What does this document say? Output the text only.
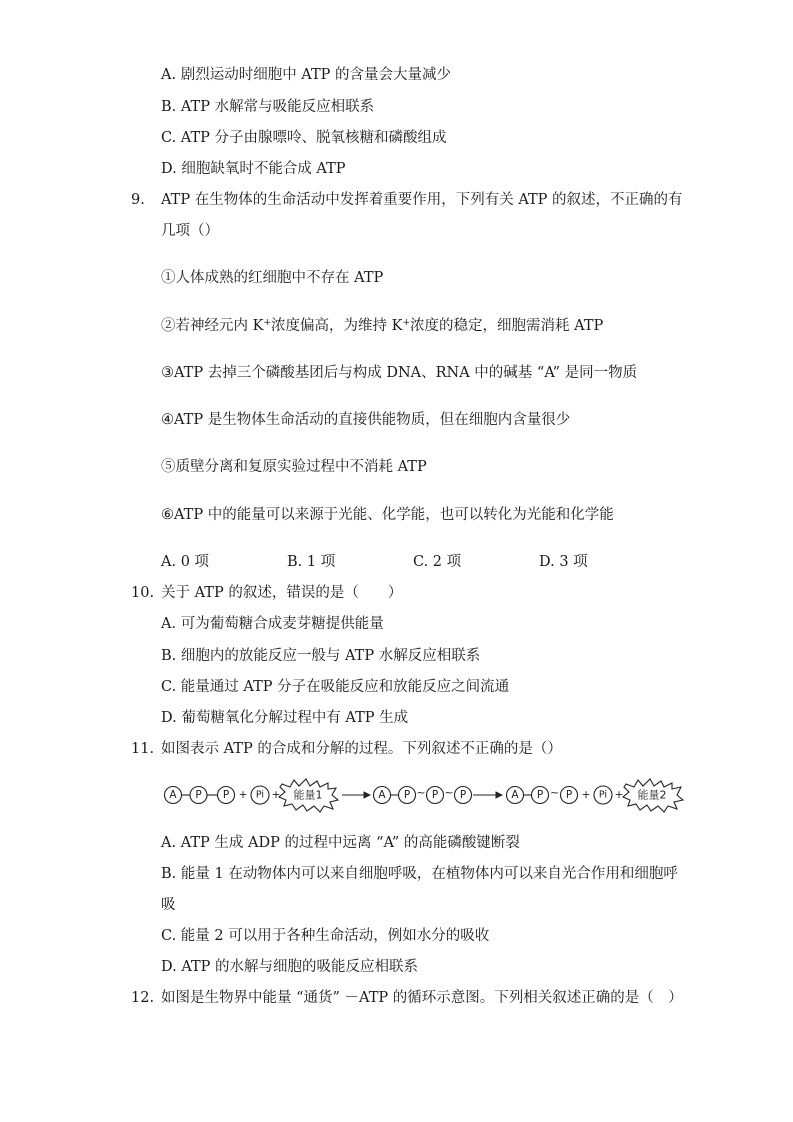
A. 剧烈运动时细胞中 ATP 的含量会大量减少
B. ATP 水解常与吸能反应相联系
C. ATP 分子由腺嘌呤、脱氧核糖和磷酸组成
D. 细胞缺氧时不能合成 ATP
9. ATP 在生物体的生命活动中发挥着重要作用，下列有关 ATP 的叙述，不正确的有
几项（）
①人体成熟的红细胞中不存在 ATP
②若神经元内 K+浓度偏高，为维持 K+浓度的稳定，细胞需消耗 ATP
③ATP 去掉三个磷酸基团后与构成 DNA、RNA 中的碱基 “A” 是同一物质
④ATP 是生物体生命活动的直接供能物质，但在细胞内含量很少
⑤质壁分离和复原实验过程中不消耗 ATP
⑥ATP 中的能量可以来源于光能、化学能，也可以转化为光能和化学能
A. 0 项	B. 1 项	C. 2 项	D. 3 项
10. 关于 ATP 的叙述，错误的是（　　）
A. 可为葡萄糖合成麦芽糖提供能量
B. 细胞内的放能反应一般与 ATP 水解反应相联系
C. 能量通过 ATP 分子在吸能反应和放能反应之间流通
D. 葡萄糖氧化分解过程中有 ATP 生成
11. 如图表示 ATP 的合成和分解的过程。下列叙述不正确的是（）
A P P + Pi + 能量1	A P ~ P ~ P	A P ~ P + Pi + 能量2
A. ATP 生成 ADP 的过程中远离 “A” 的高能磷酸键断裂
B. 能量 1 在动物体内可以来自细胞呼吸，在植物体内可以来自光合作用和细胞呼
吸
C. 能量 2 可以用于各种生命活动，例如水分的吸收
D. ATP 的水解与细胞的吸能反应相联系
12. 如图是生物界中能量 “通货” －ATP 的循环示意图。下列相关叙述正确的是（　）
